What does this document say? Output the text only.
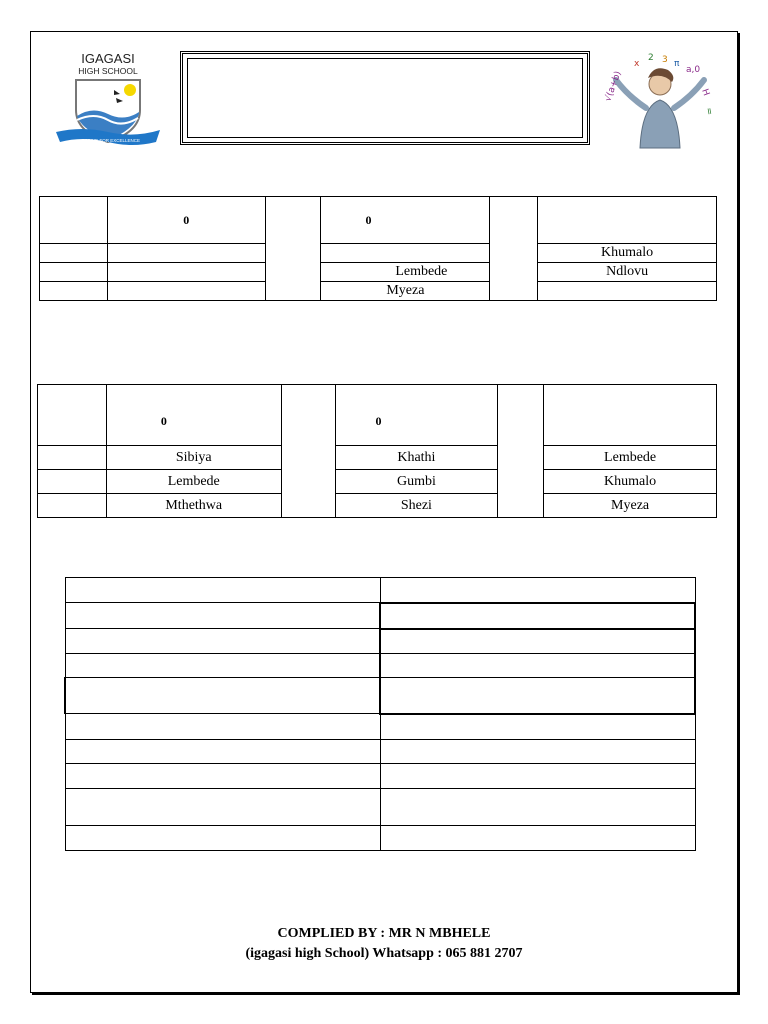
IGAGASI
HIGH SCHOOL
STRIVE FOR EXCELLENCE
√(a+b)
x
2 3 π
a,0
H
=
	0		0		
					Khumalo
			Lembede		Ndlovu
			Myeza		
	0		0		
	Sibiya		Khathi		Lembede
	Lembede		Gumbi		Khumalo
	Mthethwa		Shezi		Myeza

COMPLIED BY : MR N MBHELE
(igagasi high School) Whatsapp : 065 881 2707
